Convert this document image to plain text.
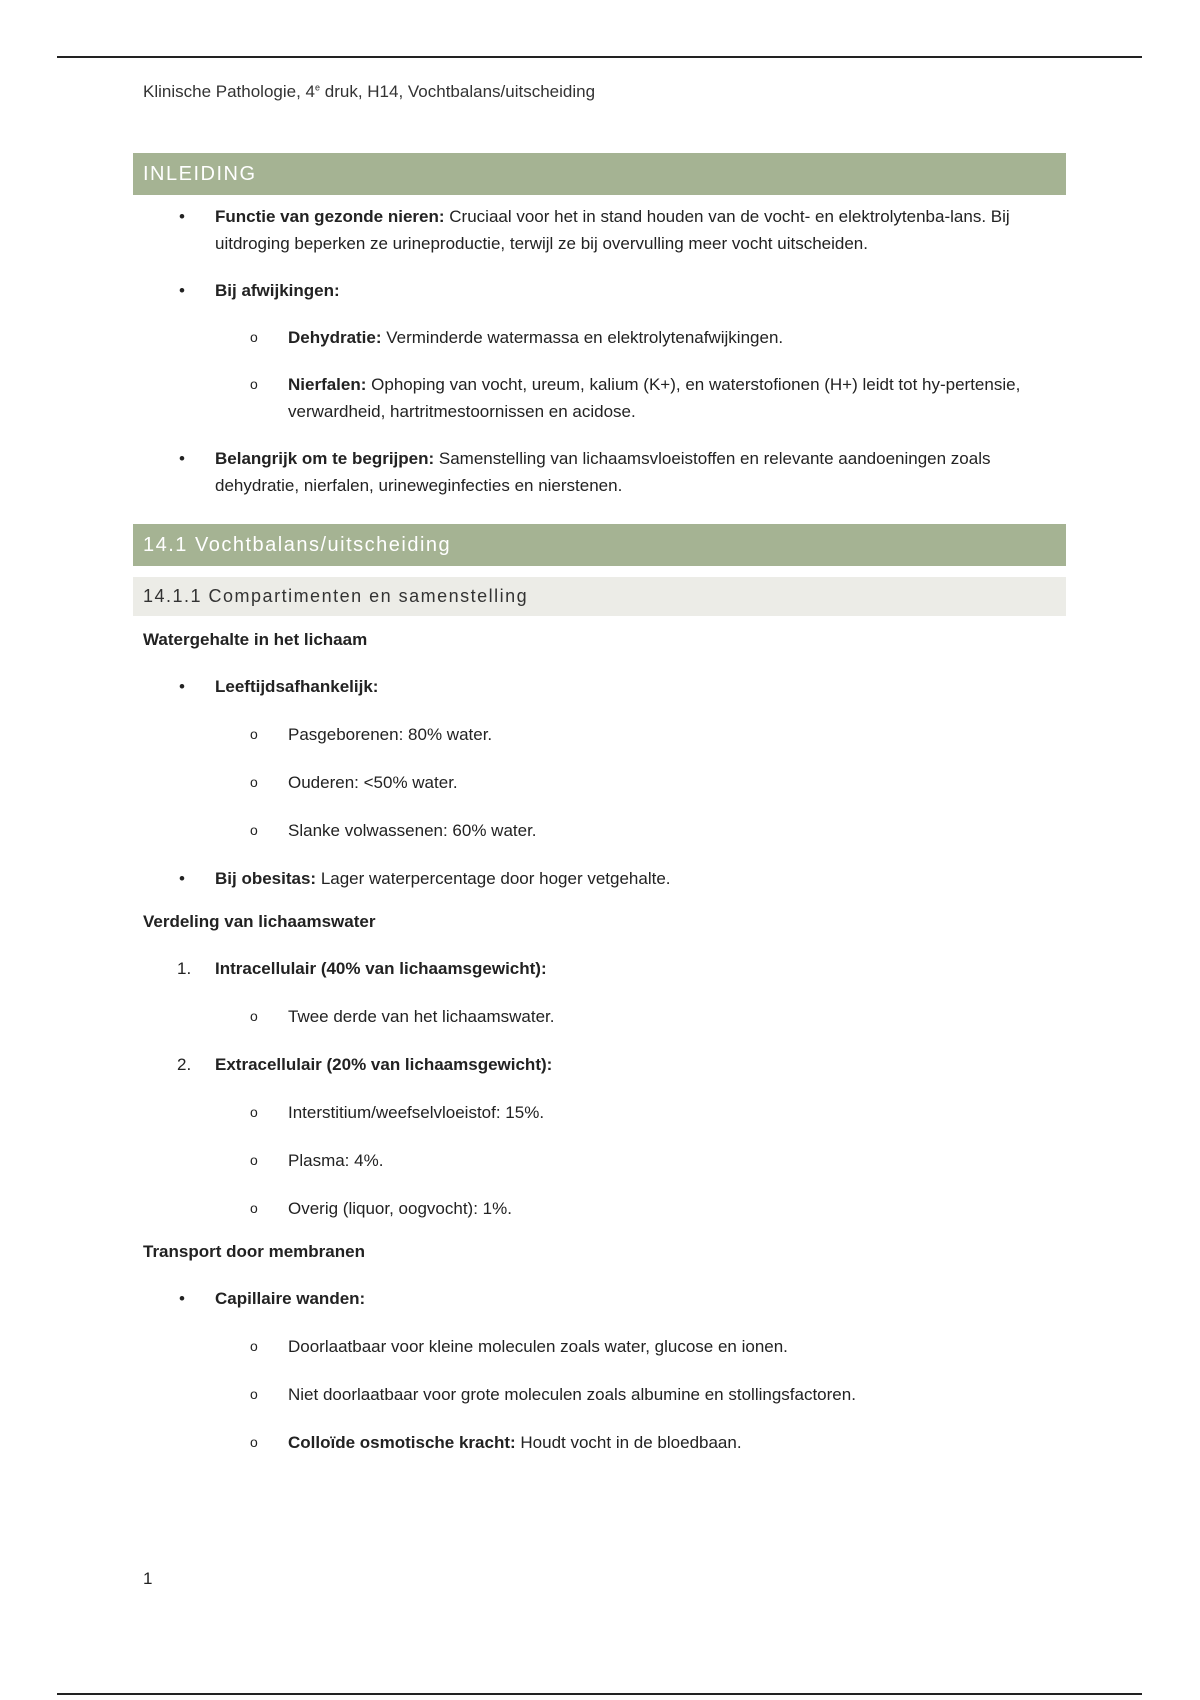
Klinische Pathologie, 4e druk, H14, Vochtbalans/uitscheiding
INLEIDING
• Functie van gezonde nieren: Cruciaal voor het in stand houden van de vocht- en elektrolytenba-lans. Bij uitdroging beperken ze urineproductie, terwijl ze bij overvulling meer vocht uitscheiden.
• Bij afwijkingen:
o Dehydratie: Verminderde watermassa en elektrolytenafwijkingen.
o Nierfalen: Ophoping van vocht, ureum, kalium (K+), en waterstofionen (H+) leidt tot hy-pertensie, verwardheid, hartritmestoornissen en acidose.
• Belangrijk om te begrijpen: Samenstelling van lichaamsvloeistoffen en relevante aandoeningen zoals dehydratie, nierfalen, urineweginfecties en nierstenen.
14.1 Vochtbalans/uitscheiding
14.1.1 Compartimenten en samenstelling
Watergehalte in het lichaam
• Leeftijdsafhankelijk:
o Pasgeborenen: 80% water.
o Ouderen: <50% water.
o Slanke volwassenen: 60% water.
• Bij obesitas: Lager waterpercentage door hoger vetgehalte.
Verdeling van lichaamswater
1. Intracellulair (40% van lichaamsgewicht):
o Twee derde van het lichaamswater.
2. Extracellulair (20% van lichaamsgewicht):
o Interstitium/weefselvloeistof: 15%.
o Plasma: 4%.
o Overig (liquor, oogvocht): 1%.
Transport door membranen
• Capillaire wanden:
o Doorlaatbaar voor kleine moleculen zoals water, glucose en ionen.
o Niet doorlaatbaar voor grote moleculen zoals albumine en stollingsfactoren.
o Colloïde osmotische kracht: Houdt vocht in de bloedbaan.
1
